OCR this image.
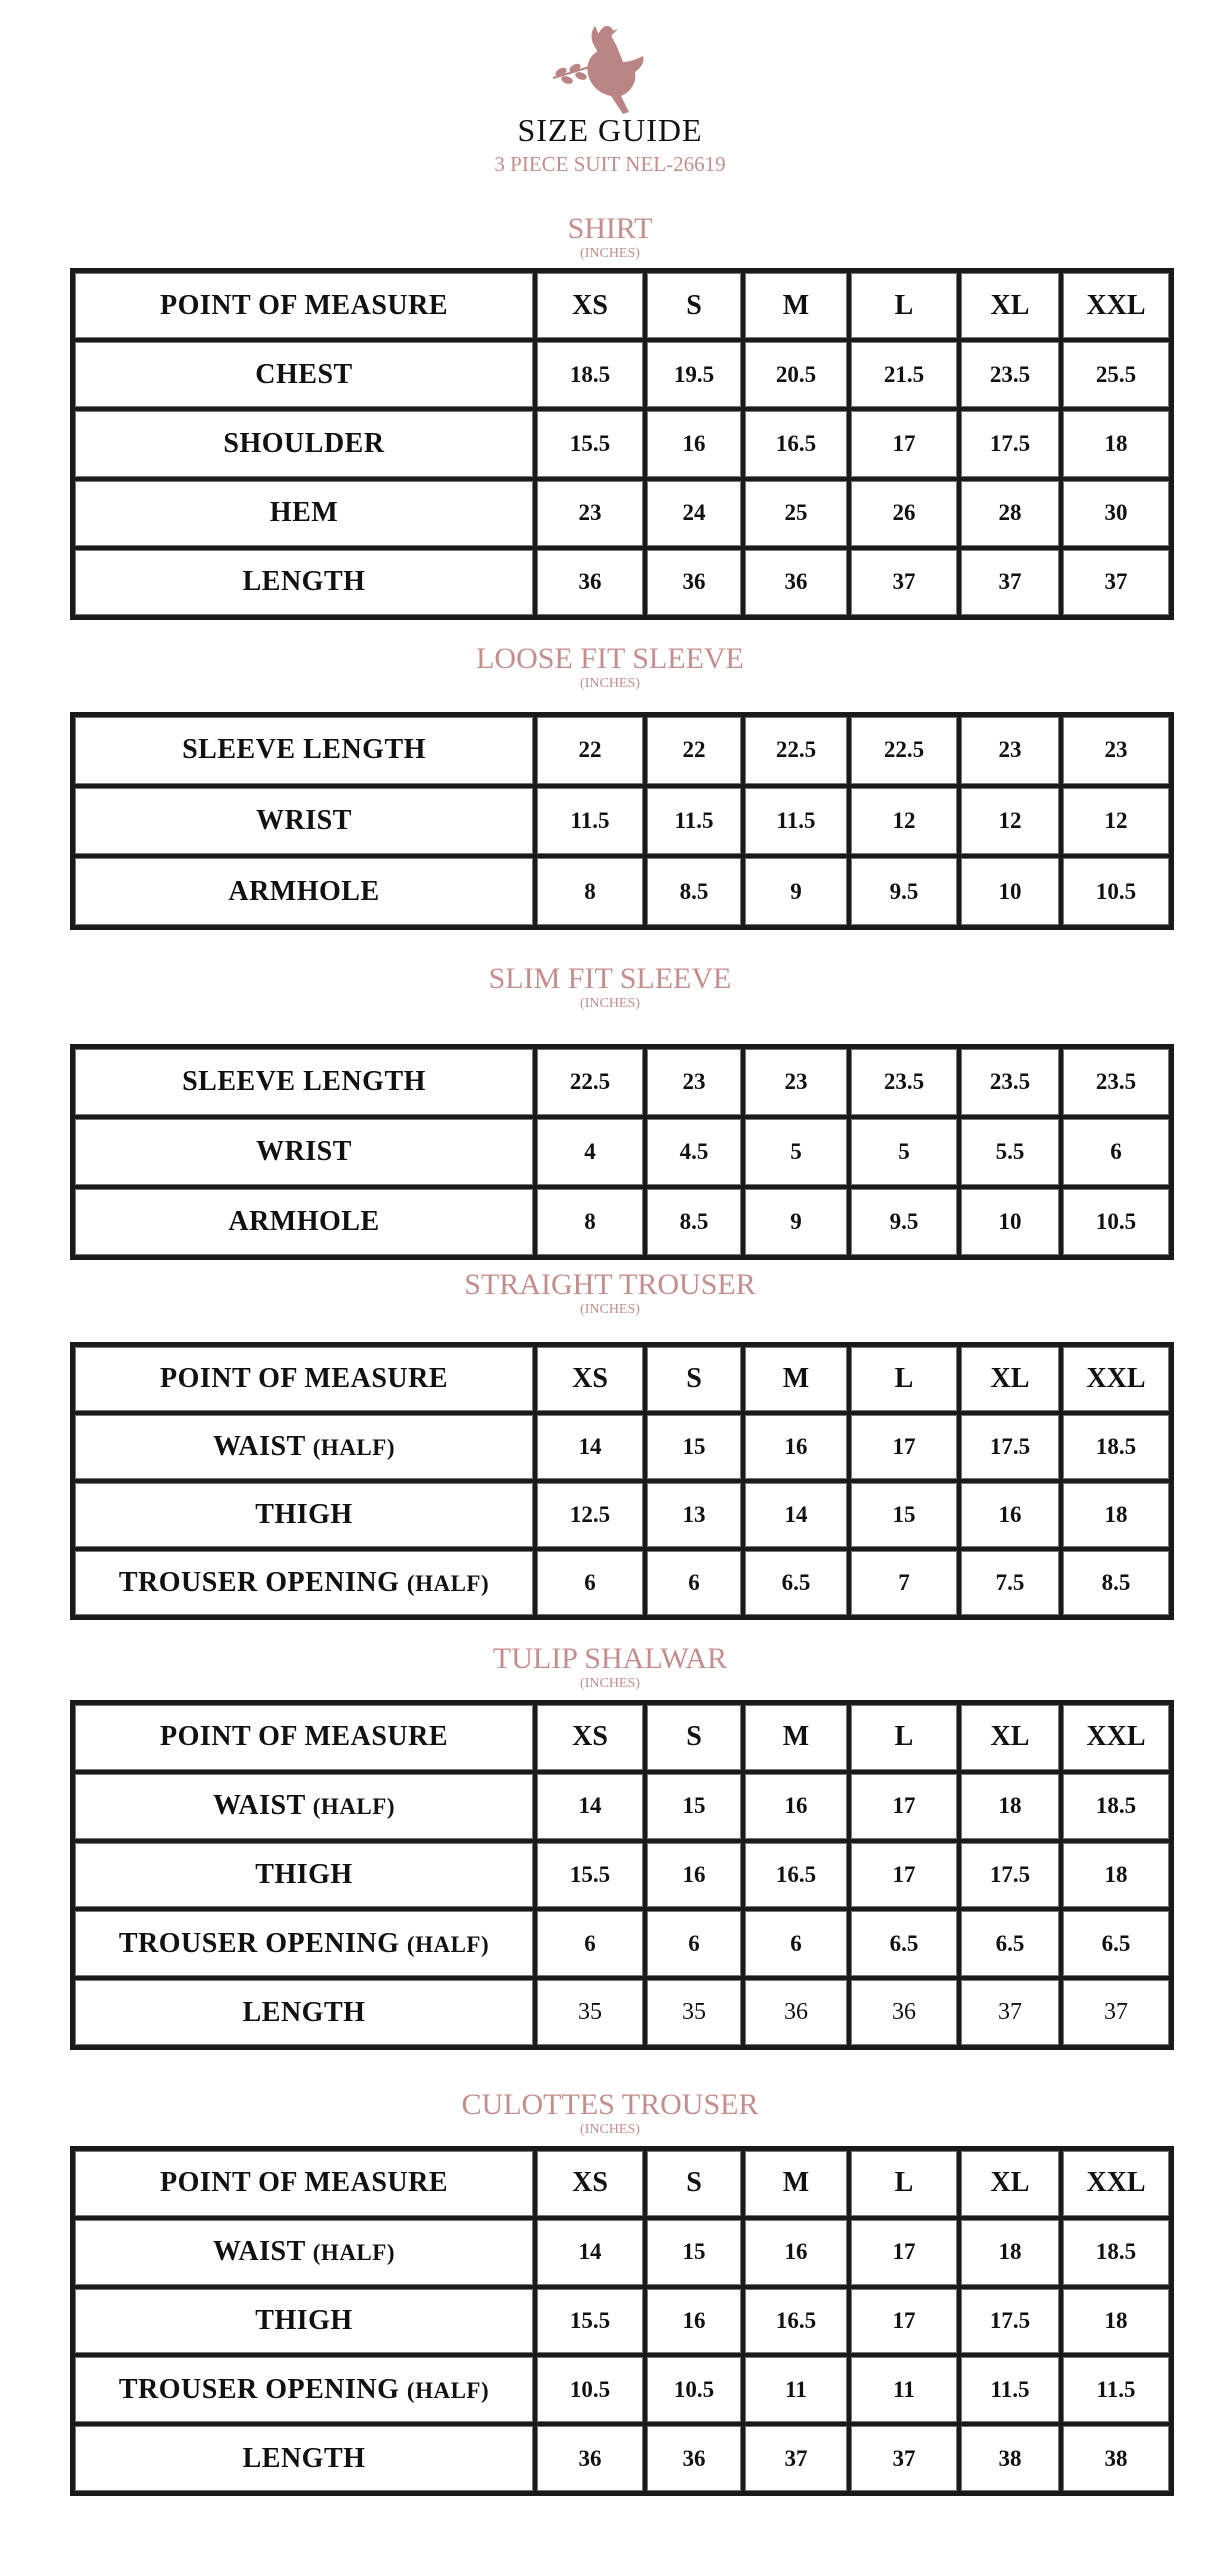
SIZE GUIDE
3 PIECE SUIT NEL-26619
SHIRT
(INCHES)
POINT OF MEASURE	XS	S	M	L	XL	XXL
CHEST	18.5	19.5	20.5	21.5	23.5	25.5
SHOULDER	15.5	16	16.5	17	17.5	18
HEM	23	24	25	26	28	30
LENGTH	36	36	36	37	37	37
LOOSE FIT SLEEVE
(INCHES)
SLEEVE LENGTH	22	22	22.5	22.5	23	23
WRIST	11.5	11.5	11.5	12	12	12
ARMHOLE	8	8.5	9	9.5	10	10.5
SLIM FIT SLEEVE
(INCHES)
SLEEVE LENGTH	22.5	23	23	23.5	23.5	23.5
WRIST	4	4.5	5	5	5.5	6
ARMHOLE	8	8.5	9	9.5	10	10.5
STRAIGHT TROUSER
(INCHES)
POINT OF MEASURE	XS	S	M	L	XL	XXL
WAIST (HALF)	14	15	16	17	17.5	18.5
THIGH	12.5	13	14	15	16	18
TROUSER OPENING (HALF)	6	6	6.5	7	7.5	8.5
TULIP SHALWAR
(INCHES)
POINT OF MEASURE	XS	S	M	L	XL	XXL
WAIST (HALF)	14	15	16	17	18	18.5
THIGH	15.5	16	16.5	17	17.5	18
TROUSER OPENING (HALF)	6	6	6	6.5	6.5	6.5
LENGTH	35	35	36	36	37	37
CULOTTES TROUSER
(INCHES)
POINT OF MEASURE	XS	S	M	L	XL	XXL
WAIST (HALF)	14	15	16	17	18	18.5
THIGH	15.5	16	16.5	17	17.5	18
TROUSER OPENING (HALF)	10.5	10.5	11	11	11.5	11.5
LENGTH	36	36	37	37	38	38
